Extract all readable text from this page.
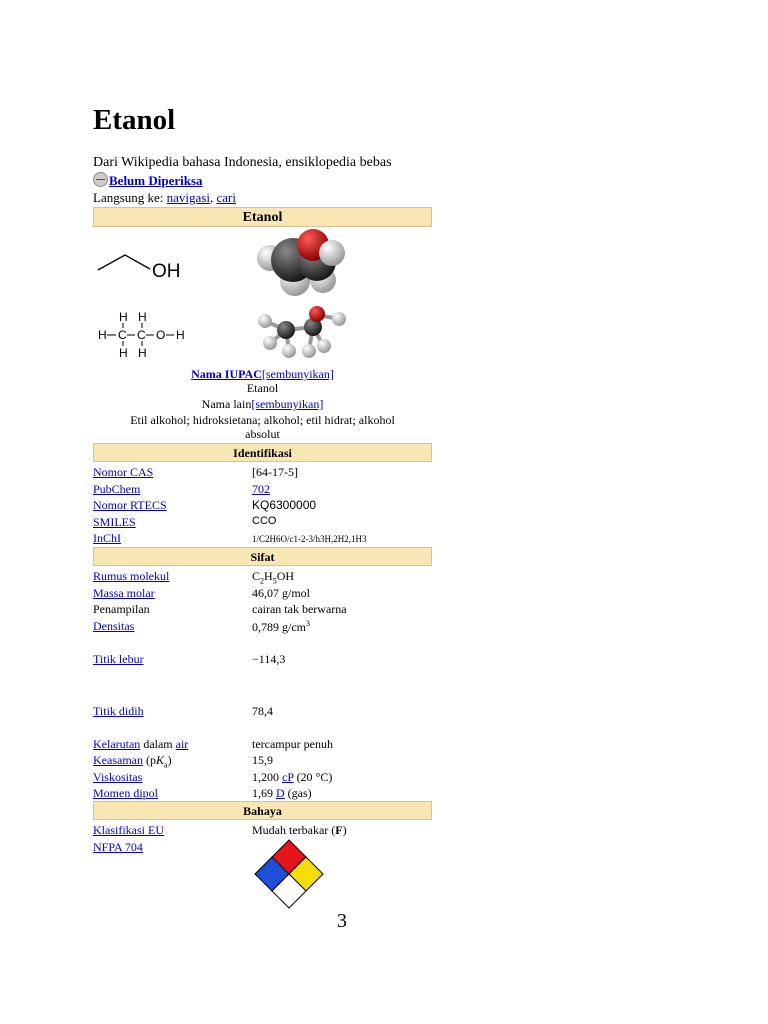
Etanol
Dari Wikipedia bahasa Indonesia, ensiklopedia bebas
Belum Diperiksa
Langsung ke: navigasi, cari
Etanol
OH
H H
H C C O H
H H
Nama IUPAC[sembunyikan]
Etanol
Nama lain[sembunyikan]
Etil alkohol; hidroksietana; alkohol; etil hidrat; alkohol
absolut
Identifikasi
Nomor CAS	[64-17-5]
PubChem	702
Nomor RTECS	KQ6300000
SMILES	CCO
InChI	1/C2H6O/c1-2-3/h3H,2H2,1H3
Sifat
Rumus molekul	$C_2H_5OH$
Massa molar	46,07 g/mol
Penampilan	cairan tak berwarna
Densitas	0,789 $g/cm^3$
Titik lebur	−114,3
Titik didih	78,4
Kelarutan dalam air	tercampur penuh
Keasaman $(pK_a)$	15,9
Viskositas	1,200 cP (20 °C)
Momen dipol	1,69 D (gas)
Bahaya
Klasifikasi EU	Mudah terbakar (F)
NFPA 704
3
